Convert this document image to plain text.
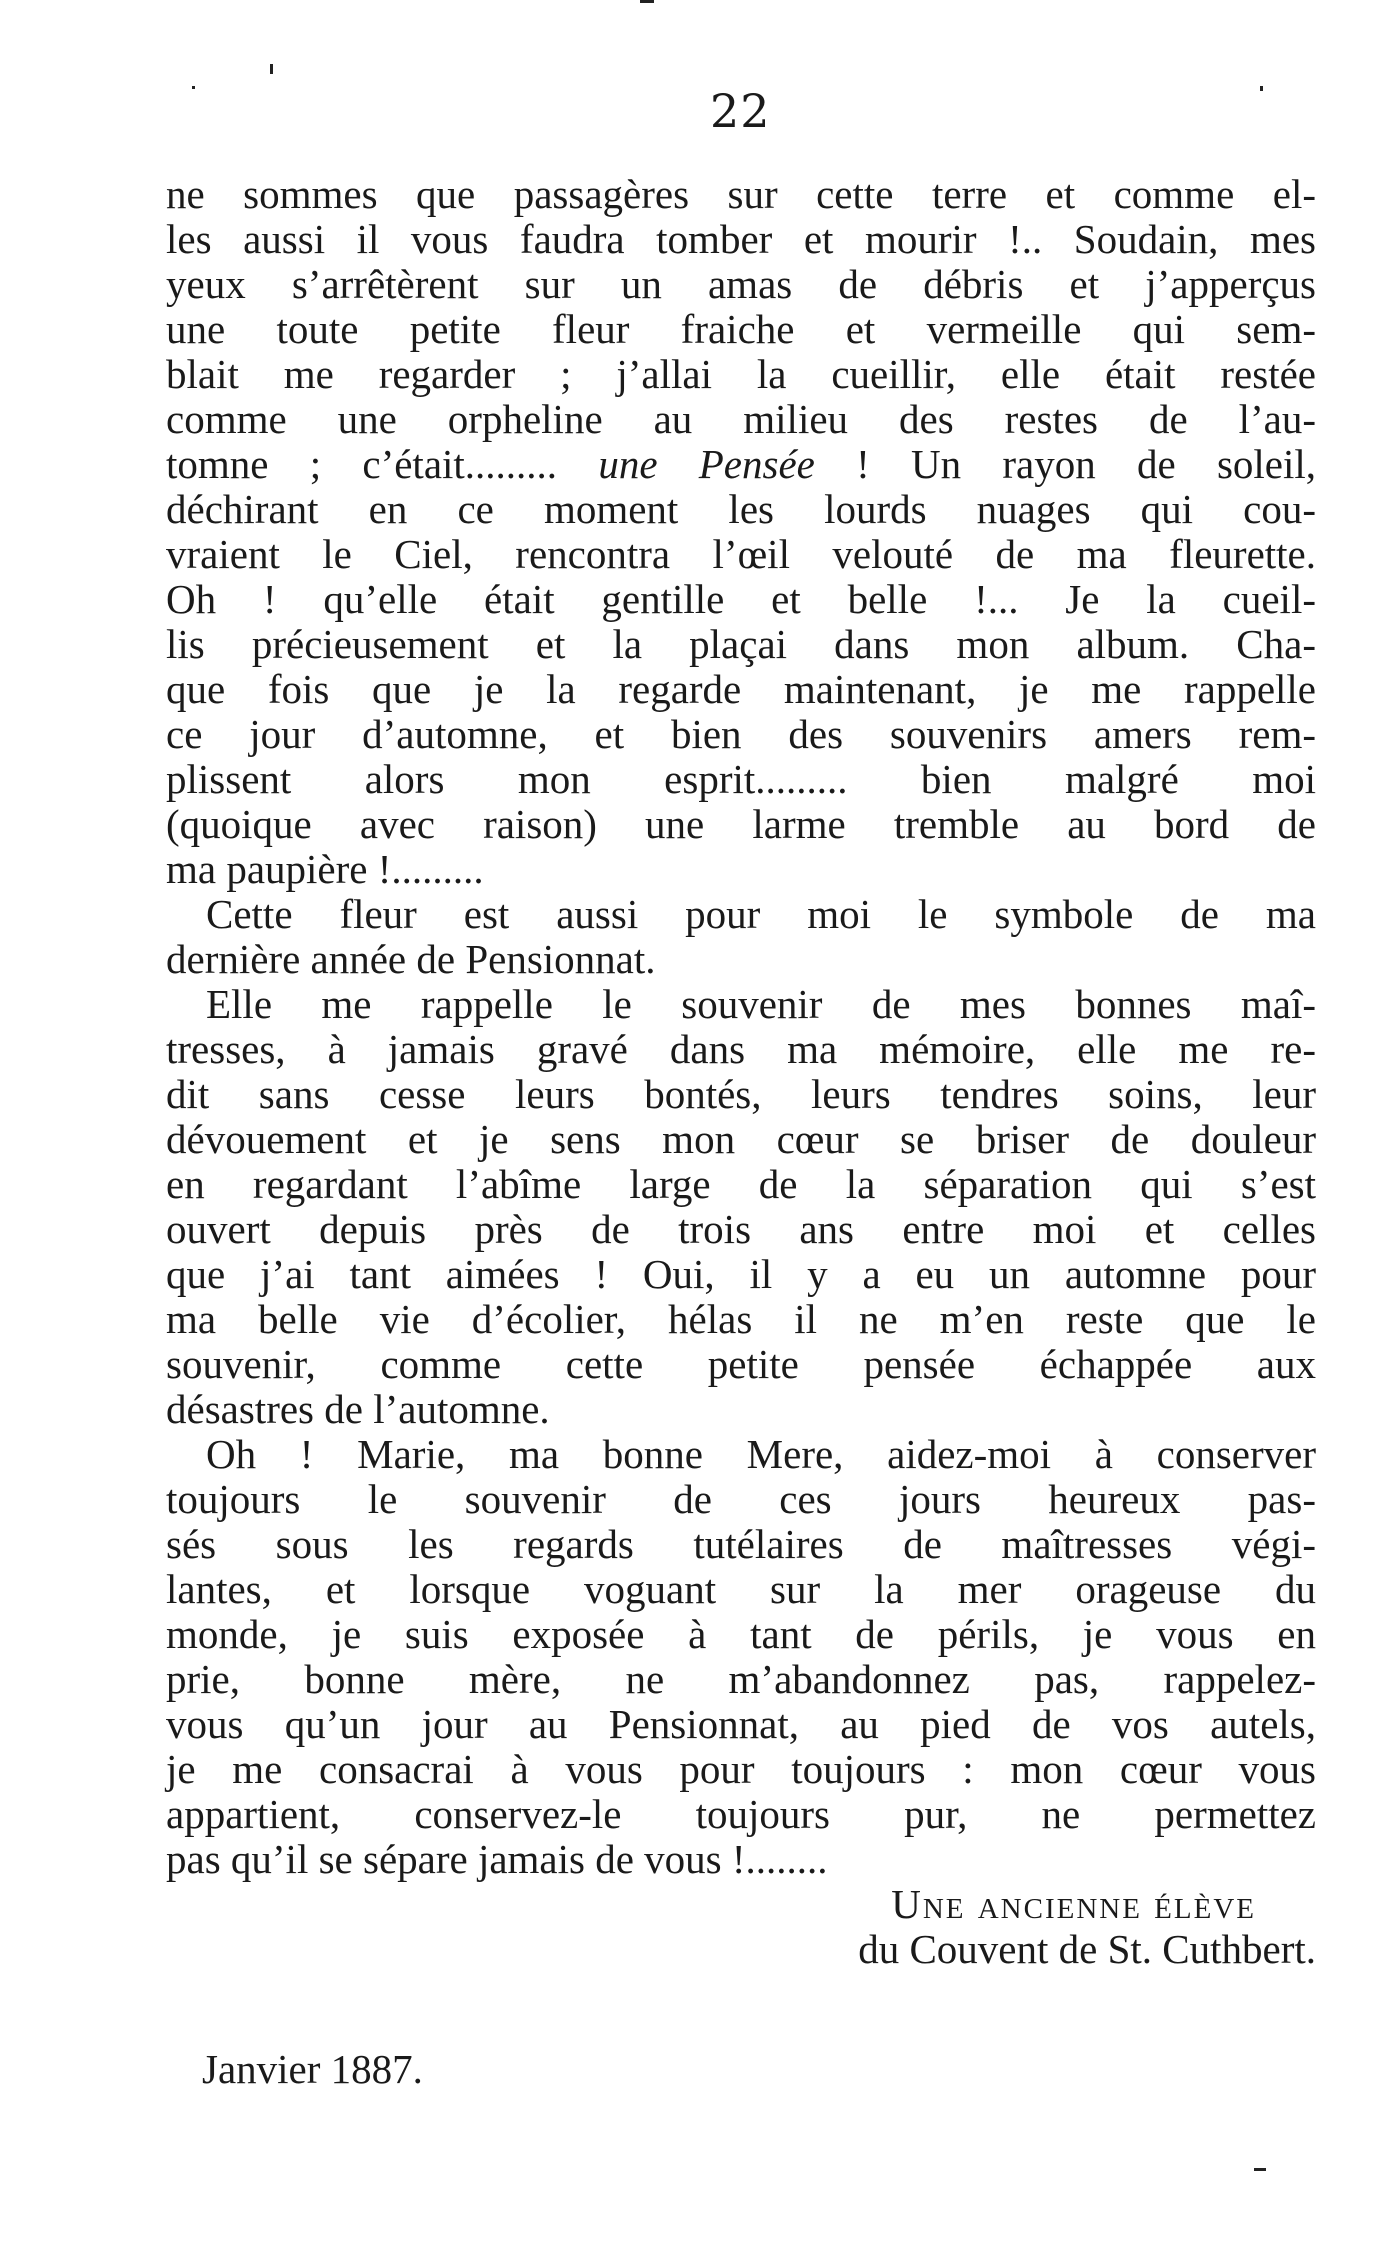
22
ne sommes que passagères sur cette terre et comme el-
les aussi il vous faudra tomber et mourir !.. Soudain, mes
yeux s’arrêtèrent sur un amas de débris et j’apperçus
une toute petite fleur fraiche et vermeille qui sem-
blait me regarder ; j’allai la cueillir, elle était restée
comme une orpheline au milieu des restes de l’au-
tomne ; c’était......... une Pensée ! Un rayon de soleil,
déchirant en ce moment les lourds nuages qui cou-
vraient le Ciel, rencontra l’œil velouté de ma fleurette.
Oh ! qu’elle était gentille et belle !... Je la cueil-
lis précieusement et la plaçai dans mon album. Cha-
que fois que je la regarde maintenant, je me rappelle
ce jour d’automne, et bien des souvenirs amers rem-
plissent alors mon esprit......... bien malgré moi
(quoique avec raison) une larme tremble au bord de
ma paupière !.........
Cette fleur est aussi pour moi le symbole de ma
dernière année de Pensionnat.
Elle me rappelle le souvenir de mes bonnes maî-
tresses, à jamais gravé dans ma mémoire, elle me re-
dit sans cesse leurs bontés, leurs tendres soins, leur
dévouement et je sens mon cœur se briser de douleur
en regardant l’abîme large de la séparation qui s’est
ouvert depuis près de trois ans entre moi et celles
que j’ai tant aimées ! Oui, il y a eu un automne pour
ma belle vie d’écolier, hélas il ne m’en reste que le
souvenir, comme cette petite pensée échappée aux
désastres de l’automne.
Oh ! Marie, ma bonne Mere, aidez-moi à conserver
toujours le souvenir de ces jours heureux pas-
sés sous les regards tutélaires de maîtresses végi-
lantes, et lorsque voguant sur la mer orageuse du
monde, je suis exposée à tant de périls, je vous en
prie, bonne mère, ne m’abandonnez pas, rappelez-
vous qu’un jour au Pensionnat, au pied de vos autels,
je me consacrai à vous pour toujours : mon cœur vous
appartient, conservez-le toujours pur, ne permettez
pas qu’il se sépare jamais de vous !........
Une ancienne élève
du Couvent de St. Cuthbert.
Janvier 1887.
